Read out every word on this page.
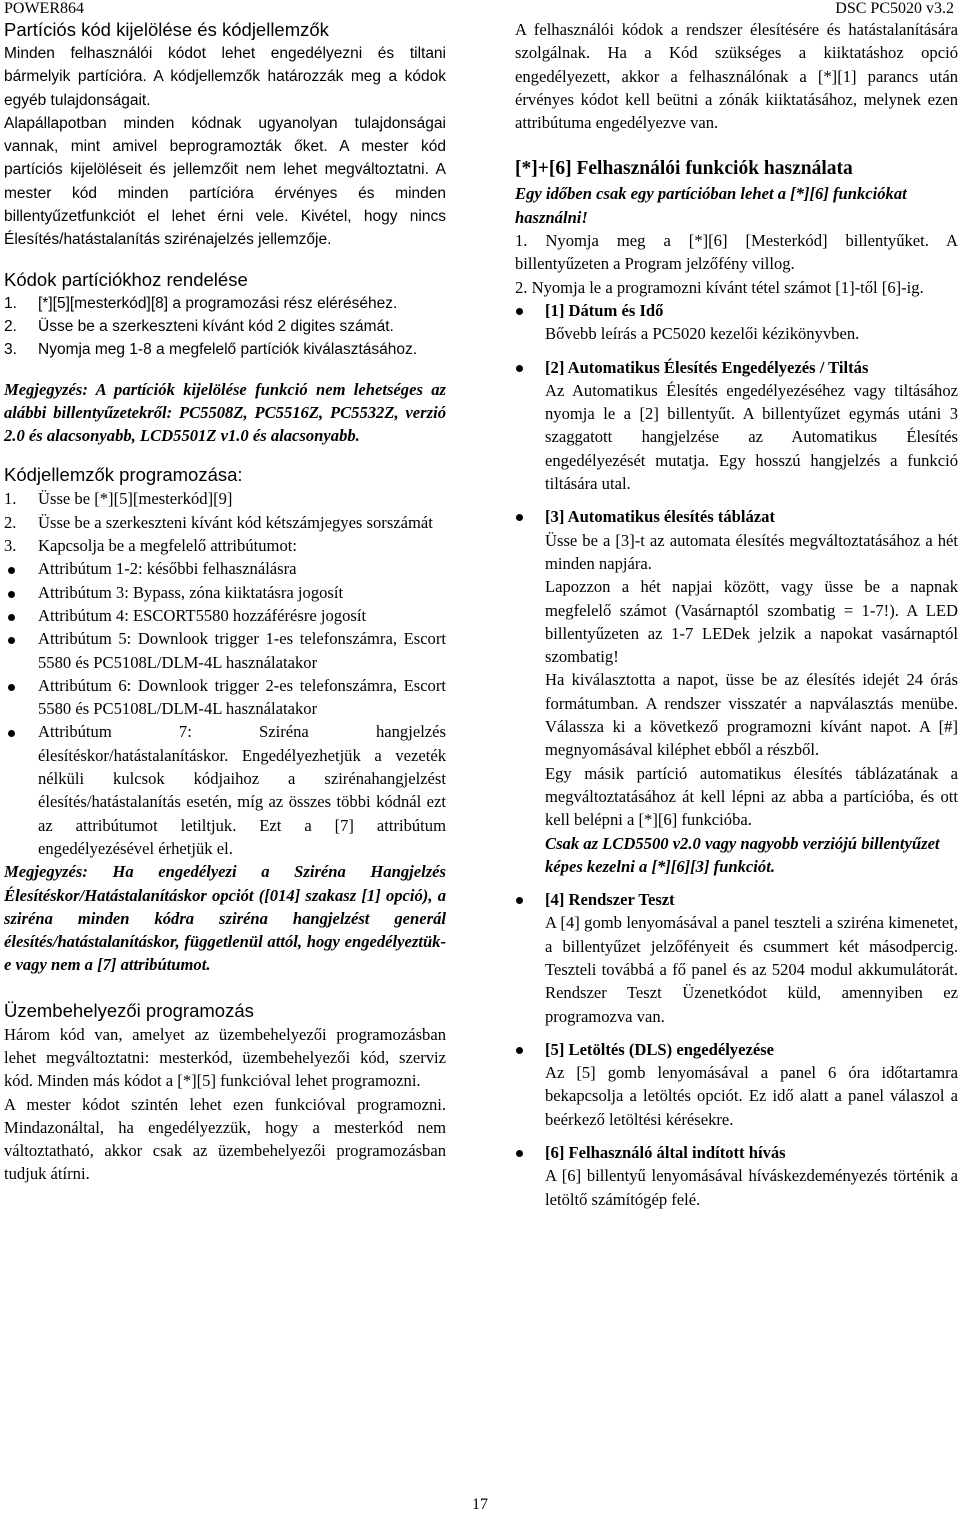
POWER864	DSC PC5020 v3.2

Partíciós kód kijelölése és kódjellemzők

Minden felhasználói kódot lehet engedélyezni és tiltani bármelyik partícióra. A kódjellemzők határozzák meg a kódok egyéb tulajdonságait.

Alapállapotban minden kódnak ugyanolyan tulajdonságai vannak, mint amivel beprogramozták őket. A mester kód partíciós kijelöléseit és jellemzőit nem lehet megváltoztatni. A mester kód minden partícióra érvényes és minden billentyűzetfunkciót el lehet érni vele. Kivétel, hogy nincs Élesítés/hatástalanítás szirénajelzés jellemzője.

Kódok partíciókhoz rendelése

1.	[*][5][mesterkód][8] a programozási rész eléréséhez.
2.	Üsse be a szerkeszteni kívánt kód 2 digites számát.
3.	Nyomja meg 1-8 a megfelelő partíciók kiválasztásához.

Megjegyzés: A partíciók kijelölése funkció nem lehetséges az alábbi billentyűzetekről: PC5508Z, PC5516Z, PC5532Z, verzió 2.0 és alacsonyabb, LCD5501Z v1.0 és alacsonyabb.

Kódjellemzők programozása:

1.	Üsse be [*][5][mesterkód][9]
2.	Üsse be a szerkeszteni kívánt kód kétszámjegyes sorszámát
3.	Kapcsolja be a megfelelő attribútumot:
Attribútum 1-2: későbbi felhasználásra
Attribútum 3: Bypass, zóna kiiktatásra jogosít
Attribútum 4: ESCORT5580 hozzáférésre jogosít
Attribútum 5: Downlook trigger 1-es telefonszámra, Escort 5580 és PC5108L/DLM-4L használatakor
Attribútum 6: Downlook trigger 2-es telefonszámra, Escort 5580 és PC5108L/DLM-4L használatakor
Attribútum 7: Sziréna hangjelzés élesítéskor/hatástalanításkor. Engedélyezhetjük a vezeték nélküli kulcsok kódjaihoz a szirénahangjelzést élesítés/hatástalanítás esetén, míg az összes többi kódnál ezt az attribútumot letiltjuk. Ezt a [7] attribútum engedélyezésével érhetjük el.

Megjegyzés: Ha engedélyezi a Sziréna Hangjelzés Élesítéskor/Hatástalanításkor opciót ([014] szakasz [1] opció), a sziréna minden kódra sziréna hangjelzést generál élesítés/hatástalanításkor, függetlenül attól, hogy engedélyeztük-e vagy nem a [7] attribútumot.

Üzembehelyezői programozás

Három kód van, amelyet az üzembehelyezői programozásban lehet megváltoztatni: mesterkód, üzembehelyezői kód, szerviz kód. Minden más kódot a [*][5] funkcióval lehet programozni.

A mester kódot szintén lehet ezen funkcióval programozni. Mindazonáltal, ha engedélyezzük, hogy a mesterkód nem változtatható, akkor csak az üzembehelyezői programozásban tudjuk átírni.

A felhasználói kódok a rendszer élesítésére és hatástalanítására szolgálnak. Ha a Kód szükséges a kiiktatáshoz opció engedélyezett, akkor a felhasználónak a [*][1] parancs után érvényes kódot kell beütni a zónák kiiktatásához, melynek ezen attribútuma engedélyezve van.

[*]+[6] Felhasználói funkciók használata

Egy időben csak egy partícióban lehet a [*][6] funkciókat használni!

1. Nyomja meg a [*][6] [Mesterkód] billentyűket. A billentyűzeten a Program jelzőfény villog.

2. Nyomja le a programozni kívánt tétel számot [1]-től [6]-ig.

[1] Dátum és Idő
Bővebb leírás a PC5020 kezelői kézikönyvben.
[2] Automatikus Élesítés Engedélyezés / Tiltás
Az Automatikus Élesítés engedélyezéséhez vagy tiltásához nyomja le a [2] billentyűt. A billentyűzet egymás utáni 3 szaggatott hangjelzése az Automatikus Élesítés engedélyezését mutatja. Egy hosszú hangjelzés a funkció tiltására utal.
[3] Automatikus élesítés táblázat
Üsse be a [3]-t az automata élesítés megváltoztatásához a hét minden napjára.
Lapozzon a hét napjai között, vagy üsse be a napnak megfelelő számot (Vasárnaptól szombatig = 1-7!). A LED billentyűzeten az 1-7 LEDek jelzik a napokat vasárnaptól szombatig!
Ha kiválasztotta a napot, üsse be az élesítés idejét 24 órás formátumban. A rendszer visszatér a napválasztás menübe. Válassza ki a következő programozni kívánt napot. A [#] megnyomásával kiléphet ebből a részből.
Egy másik partíció automatikus élesítés táblázatának a megváltoztatásához át kell lépni az abba a partícióba, és ott kell belépni a [*][6] funkcióba.
Csak az LCD5500 v2.0 vagy nagyobb verziójú billentyűzet képes kezelni a [*][6][3] funkciót.
[4] Rendszer Teszt
A [4] gomb lenyomásával a panel teszteli a sziréna kimenetet, a billentyűzet jelzőfényeit és csummert két másodpercig. Teszteli továbbá a fő panel és az 5204 modul akkumulátorát. Rendszer Teszt Üzenetkódot küld, amennyiben ez programozva van.
[5] Letöltés (DLS) engedélyezése
Az [5] gomb lenyomásával a panel 6 óra időtartamra bekapcsolja a letöltés opciót. Ez idő alatt a panel válaszol a beérkező letöltési kérésekre.
[6] Felhasználó által indított hívás
A [6] billentyű lenyomásával hívásk​ezdeményezés történik a letöltő számítógép felé.
17
